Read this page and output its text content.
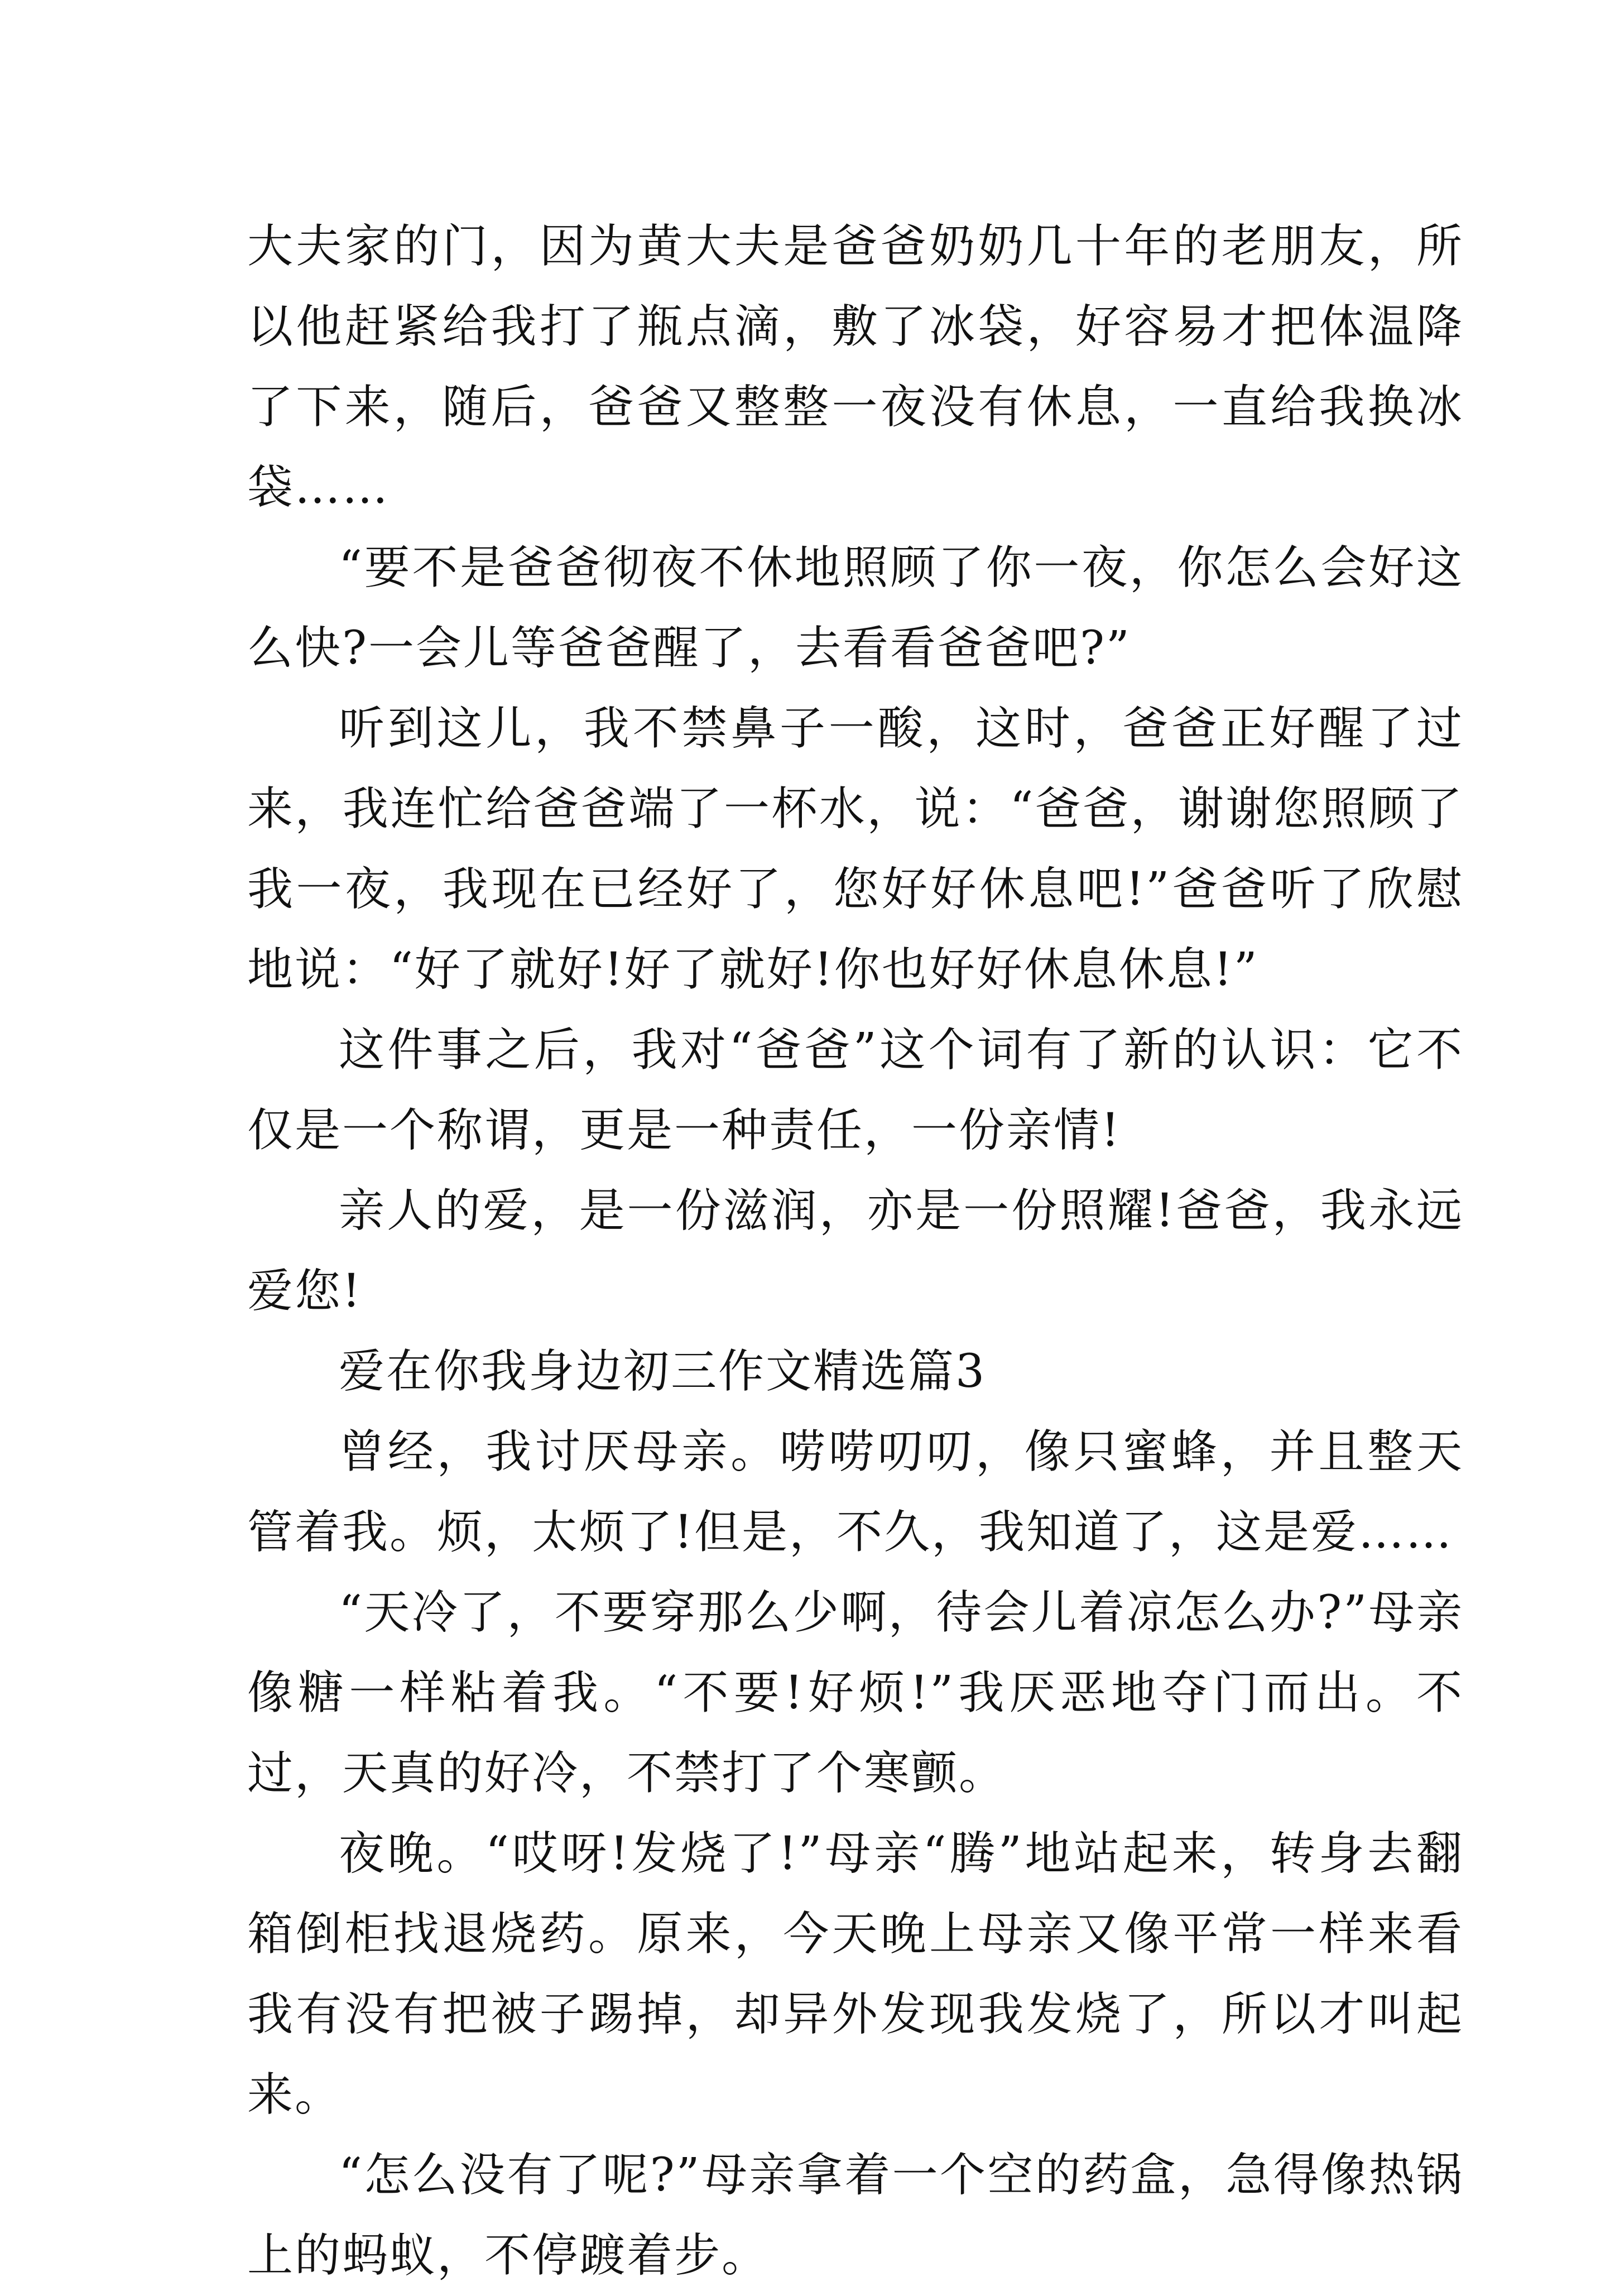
大夫家的门，因为黄大夫是爸爸奶奶几十年的老朋友，所以他赶紧给我打了瓶点滴，敷了冰袋，好容易才把体温降了下来，随后，爸爸又整整一夜没有休息，一直给我换冰袋……

“要不是爸爸彻夜不休地照顾了你一夜，你怎么会好这么快?一会儿等爸爸醒了，去看看爸爸吧?”

听到这儿，我不禁鼻子一酸，这时，爸爸正好醒了过来，我连忙给爸爸端了一杯水，说：“爸爸，谢谢您照顾了我一夜，我现在已经好了，您好好休息吧!”爸爸听了欣慰地说：“好了就好!好了就好!你也好好休息休息!”

这件事之后，我对“爸爸”这个词有了新的认识：它不仅是一个称谓，更是一种责任，一份亲情!

亲人的爱，是一份滋润，亦是一份照耀!爸爸，我永远爱您!

爱在你我身边初三作文精选篇3

曾经，我讨厌母亲。唠唠叨叨，像只蜜蜂，并且整天管着我。烦，太烦了!但是，不久，我知道了，这是爱……

“天冷了，不要穿那么少啊，待会儿着凉怎么办?”母亲像糖一样粘着我。“不要!好烦!”我厌恶地夺门而出。不过，天真的好冷，不禁打了个寒颤。

夜晚。“哎呀!发烧了!”母亲“腾”地站起来，转身去翻箱倒柜找退烧药。原来，今天晚上母亲又像平常一样来看我有没有把被子踢掉，却异外发现我发烧了，所以才叫起来。

“怎么没有了呢?”母亲拿着一个空的药盒，急得像热锅上的蚂蚁，不停踱着步。
